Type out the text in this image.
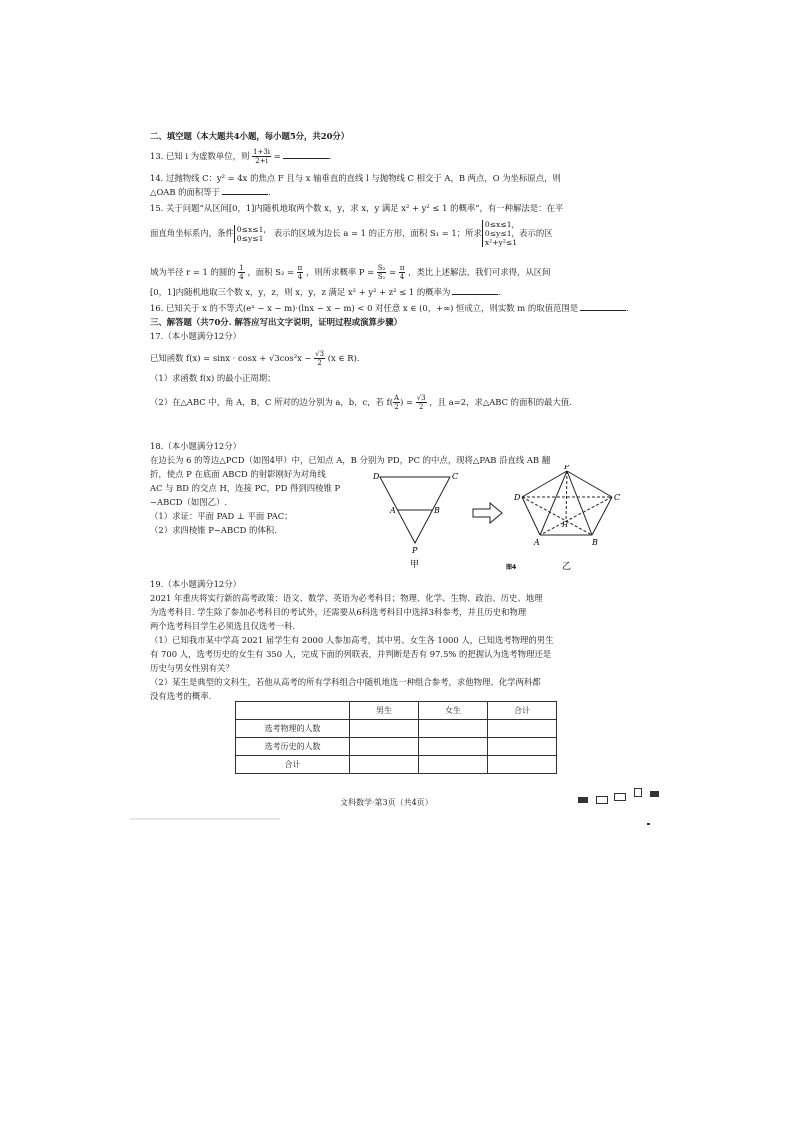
二、填空题（本大题共4小题，每小题5分，共20分）
13. 已知 i 为虚数单位，则 $\frac{1+3i}{2+i}$ =	.
14. 过抛物线 C：y² = 4x 的焦点 F 且与 x 轴垂直的直线 l 与抛物线 C 相交于 A，B 两点，O 为坐标原点，则
△OAB 的面积等于	.
15. 关于问题“从区间[0，1]内随机地取两个数 x，y，求 x，y 满足 x² + y² ≤ 1 的概率”，有一种解法是：在平
面直角坐标系内，条件 0≤x≤1，
0≤y≤1 表示的区域为边长 a = 1 的正方形，面积 S₁ = 1；所求0≤x≤1，
0≤y≤1，
x²+y²≤1表示的区
域为半径 r = 1 的圆的 $\frac{1}{4}$ ，面积 $S_2 = \frac{\pi}{4}$ ，则所求概率 $P = \frac{\text{S₂}}{\text{S₁}} = \frac{\pi}{4}$ ，类比上述解法，我们可求得，从区间
[0，1]内随机地取三个数 x，y，z，则 x，y，z 满足 x² + y² + z² ≤ 1 的概率为	.
16. 已知关于 x 的不等式(eˣ − x − m)·(lnx − x − m) < 0 对任意 x ∈ (0，+∞) 恒成立，则实数 m 的取值范围是	.
三、解答题（共70分. 解答应写出文字说明，证明过程或演算步骤）
17.（本小题满分12分）
已知函数 $f(x) = \sin x \cdot \cos x + √3\cos^2x - \frac{√3}{2} (x$ ∈ R).
（1）求函数 f(x) 的最小正周期；
（2）在△ABC 中，角 A，B，C 所对的边分别为 a，b，c，若 $f( \frac{A}{2}$ ) = $\frac{√3}{2}$ ，且 a=2，求△ABC 的面积的最大值.
18.（本小题满分12分）
在边长为 6 的等边△PCD（如图4甲）中，已知点 A，B 分别为 PD，PC 的中点，现将△PAB 沿直线 AB 翻
折，使点 P 在底面 ABCD 的射影刚好为对角线
AC 与 BD 的交点 H，连接 PC，PD 得到四棱锥 P
−ABCD（如图乙）.
（1）求证：平面 PAD ⊥ 平面 PAC；
（2）求四棱锥 P−ABCD 的体积.
19.（本小题满分12分）
2021 年重庆将实行新的高考政策：语文、数学、英语为必考科目；物理、化学、生物、政治、历史、地理
为选考科目. 学生除了参加必考科目的考试外，还需要从6科选考科目中选择3科参考，并且历史和物理
两个选考科目学生必须选且仅选考一科.
（1）已知我市某中学高 2021 届学生有 2000 人参加高考，其中男、女生各 1000 人，已知选考物理的男生
有 700 人，选考历史的女生有 350 人，完成下面的列联表，并判断是否有 97.5% 的把握认为选考物理还是
历史与男女性别有关？
（2）某生是典型的文科生，若他从高考的所有学科组合中随机地选一种组合参考，求他物理、化学两科都
没有选考的概率.
D	C
A	B
P
甲
P
D	C
H
A	B
乙
图4
	男生	女生	合计
选考物理的人数			
选考历史的人数			
合计			
文科数学·第3页（共4页）
